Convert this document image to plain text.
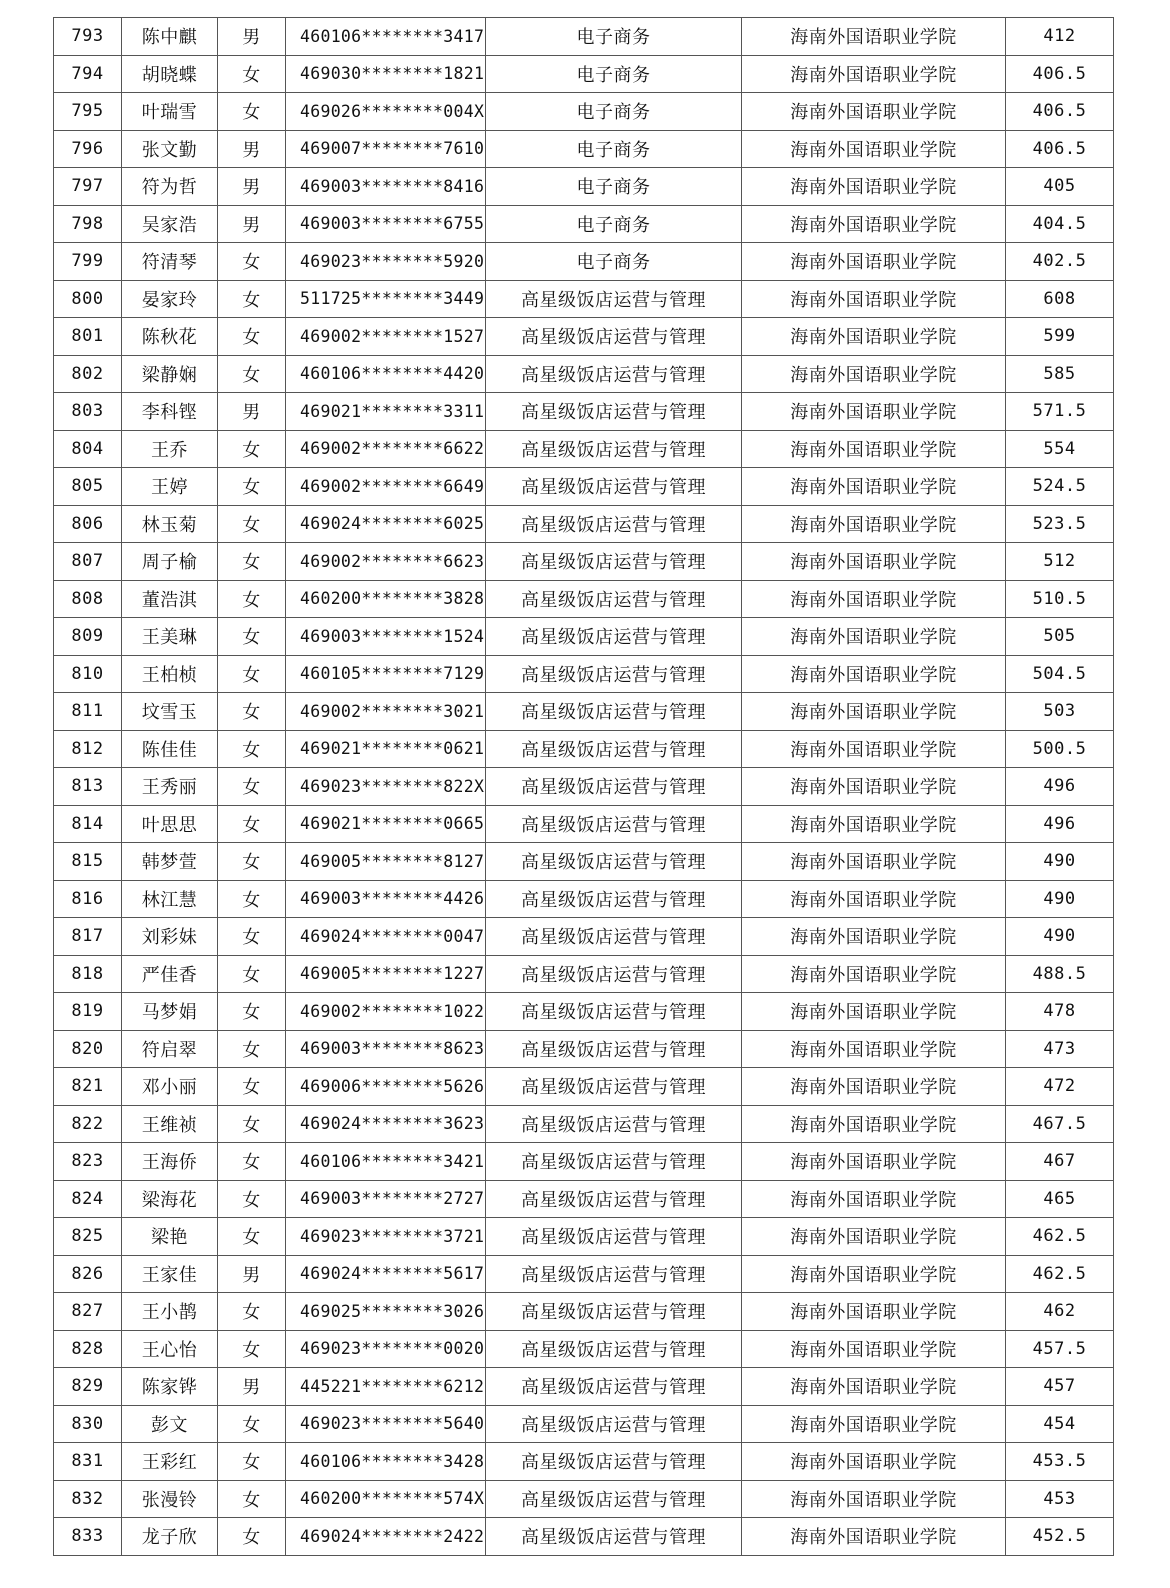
793	陈中麒	男	460106********3417	电子商务	海南外国语职业学院	412
794	胡晓蝶	女	469030********1821	电子商务	海南外国语职业学院	406.5
795	叶瑞雪	女	469026********004X	电子商务	海南外国语职业学院	406.5
796	张文勤	男	469007********7610	电子商务	海南外国语职业学院	406.5
797	符为哲	男	469003********8416	电子商务	海南外国语职业学院	405
798	吴家浩	男	469003********6755	电子商务	海南外国语职业学院	404.5
799	符清琴	女	469023********5920	电子商务	海南外国语职业学院	402.5
800	晏家玲	女	511725********3449	高星级饭店运营与管理	海南外国语职业学院	608
801	陈秋花	女	469002********1527	高星级饭店运营与管理	海南外国语职业学院	599
802	梁静娴	女	460106********4420	高星级饭店运营与管理	海南外国语职业学院	585
803	李科铿	男	469021********3311	高星级饭店运营与管理	海南外国语职业学院	571.5
804	王乔	女	469002********6622	高星级饭店运营与管理	海南外国语职业学院	554
805	王婷	女	469002********6649	高星级饭店运营与管理	海南外国语职业学院	524.5
806	林玉菊	女	469024********6025	高星级饭店运营与管理	海南外国语职业学院	523.5
807	周子榆	女	469002********6623	高星级饭店运营与管理	海南外国语职业学院	512
808	董浩淇	女	460200********3828	高星级饭店运营与管理	海南外国语职业学院	510.5
809	王美琳	女	469003********1524	高星级饭店运营与管理	海南外国语职业学院	505
810	王柏桢	女	460105********7129	高星级饭店运营与管理	海南外国语职业学院	504.5
811	坟雪玉	女	469002********3021	高星级饭店运营与管理	海南外国语职业学院	503
812	陈佳佳	女	469021********0621	高星级饭店运营与管理	海南外国语职业学院	500.5
813	王秀丽	女	469023********822X	高星级饭店运营与管理	海南外国语职业学院	496
814	叶思思	女	469021********0665	高星级饭店运营与管理	海南外国语职业学院	496
815	韩梦萱	女	469005********8127	高星级饭店运营与管理	海南外国语职业学院	490
816	林江慧	女	469003********4426	高星级饭店运营与管理	海南外国语职业学院	490
817	刘彩妹	女	469024********0047	高星级饭店运营与管理	海南外国语职业学院	490
818	严佳香	女	469005********1227	高星级饭店运营与管理	海南外国语职业学院	488.5
819	马梦娟	女	469002********1022	高星级饭店运营与管理	海南外国语职业学院	478
820	符启翠	女	469003********8623	高星级饭店运营与管理	海南外国语职业学院	473
821	邓小丽	女	469006********5626	高星级饭店运营与管理	海南外国语职业学院	472
822	王维祯	女	469024********3623	高星级饭店运营与管理	海南外国语职业学院	467.5
823	王海侨	女	460106********3421	高星级饭店运营与管理	海南外国语职业学院	467
824	梁海花	女	469003********2727	高星级饭店运营与管理	海南外国语职业学院	465
825	梁艳	女	469023********3721	高星级饭店运营与管理	海南外国语职业学院	462.5
826	王家佳	男	469024********5617	高星级饭店运营与管理	海南外国语职业学院	462.5
827	王小鹊	女	469025********3026	高星级饭店运营与管理	海南外国语职业学院	462
828	王心怡	女	469023********0020	高星级饭店运营与管理	海南外国语职业学院	457.5
829	陈家铧	男	445221********6212	高星级饭店运营与管理	海南外国语职业学院	457
830	彭文	女	469023********5640	高星级饭店运营与管理	海南外国语职业学院	454
831	王彩红	女	460106********3428	高星级饭店运营与管理	海南外国语职业学院	453.5
832	张漫铃	女	460200********574X	高星级饭店运营与管理	海南外国语职业学院	453
833	龙子欣	女	469024********2422	高星级饭店运营与管理	海南外国语职业学院	452.5
